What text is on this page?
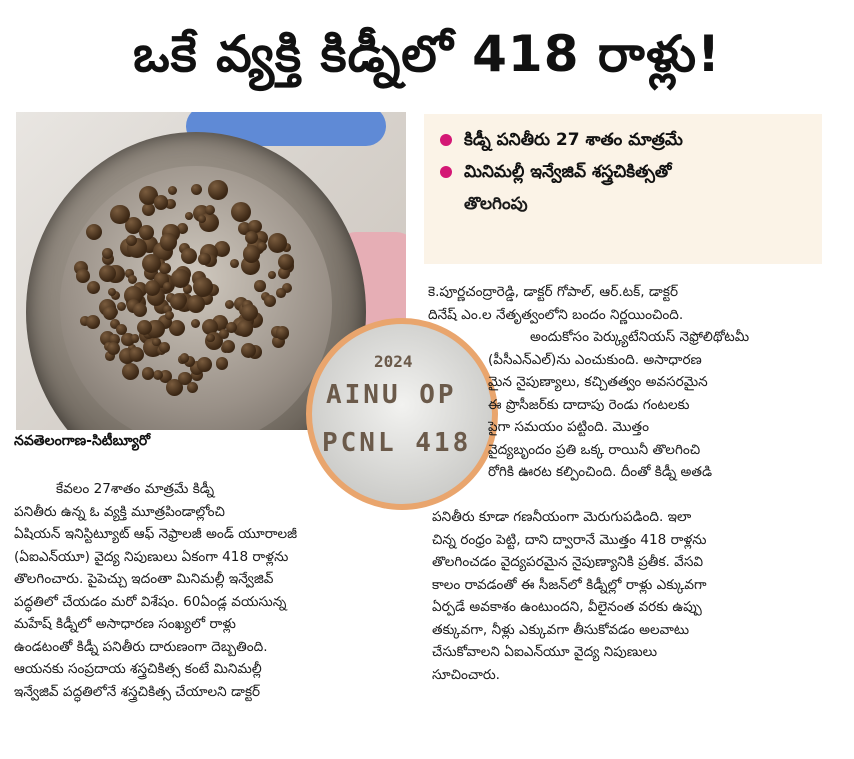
ఒకే వ్యక్తి కిడ్నీలో 418 రాళ్లు!
నవతెలంగాణ-సిటీబ్యూరో
2024
AINU OP
PCNL 418
కిడ్నీ పనితీరు 27 శాతం మాత్రమే
మినిమల్లీ ఇన్వేజివ్ శస్త్రచికిత్సతో
తొలగింపు
కె.పూర్ణచంద్రారెడ్డి, డాక్టర్ గోపాల్, ఆర్.టక్, డాక్టర్
దినేష్ ఎం.ల నేతృత్వంలోని బందం నిర్ణయించింది.
అందుకోసం పెర్క్యుటేనియస్ నెఫ్రోలిథోటమీ
(పీసీఎన్ఎల్)ను ఎంచుకుంది. అసాధారణ
మైన నైపుణ్యాలు, కచ్చితత్వం అవసరమైన
ఈ ప్రొసీజర్‌కు దాదాపు రెండు గంటలకు
పైగా సమయం పట్టింది. మొత్తం
వైద్యబృందం ప్రతి ఒక్క రాయినీ తొలగించి
రోగికి ఊరట కల్పించింది. దీంతో కిడ్నీ అతడి
పనితీరు కూడా గణనీయంగా మెరుగుపడింది. ఇలా
చిన్న రంధ్రం పెట్టి, దాని ద్వారానే మొత్తం 418 రాళ్లను
తొలగించడం వైద్యపరమైన నైపుణ్యానికి ప్రతీక. వేసవి
కాలం రావడంతో ఈ సీజన్‌లో కిడ్నీల్లో రాళ్లు ఎక్కువగా
ఏర్పడే అవకాశం ఉంటుందని, వీలైనంత వరకు ఉప్పు
తక్కువగా, నీళ్లు ఎక్కువగా తీసుకోవడం అలవాటు
చేసుకోవాలని ఏఐఎన్‌యూ వైద్య నిపుణులు
సూచించారు.
కేవలం 27శాతం మాత్రమే కిడ్నీ
పనితీరు ఉన్న ఓ వ్యక్తి మూత్రపిండాల్లోంచి
ఏషియన్ ఇనిస్టిట్యూట్ ఆఫ్ నెఫ్రాలజీ అండ్ యూరాలజీ
(ఏఐఎన్‌యూ) వైద్య నిపుణులు ఏకంగా 418 రాళ్లను
తొలగించారు. పైపెచ్చు ఇదంతా మినిమల్లీ ఇన్వేజివ్
పద్ధతిలో చేయడం మరో విశేషం. 60ఏండ్ల వయసున్న
మహేష్ కిడ్నీలో అసాధారణ సంఖ్యలో రాళ్లు
ఉండటంతో కిడ్నీ పనితీరు దారుణంగా దెబ్బతింది.
ఆయనకు సంప్రదాయ శస్త్రచికిత్స కంటే మినిమల్లీ
ఇన్వేజివ్ పద్ధతిలోనే శస్త్రచికిత్స చేయాలని డాక్టర్
